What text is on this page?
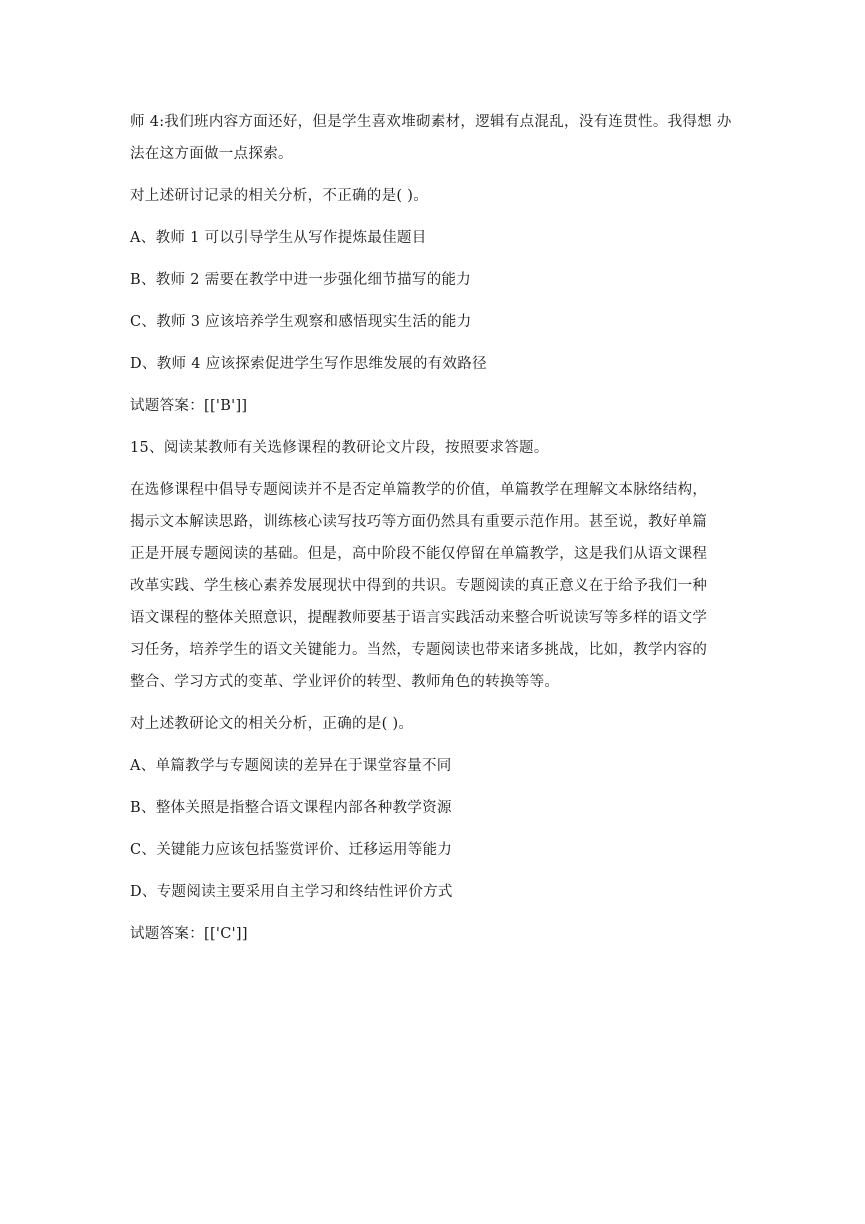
师 4:我们班内容方面还好，但是学生喜欢堆砌素材，逻辑有点混乱，没有连贯性。我得想 办
法在这方面做一点探索。

对上述研讨记录的相关分析，不正确的是( )。

A、教师 1 可以引导学生从写作提炼最佳题目

B、教师 2 需要在教学中进一步强化细节描写的能力

C、教师 3 应该培养学生观察和感悟现实生活的能力

D、教师 4 应该探索促进学生写作思维发展的有效路径

试题答案：[['B']]

15、阅读某教师有关选修课程的教研论文片段，按照要求答题。

在选修课程中倡导专题阅读并不是否定单篇教学的价值，单篇教学在理解文本脉络结构，
揭示文本解读思路，训练核心读写技巧等方面仍然具有重要示范作用。甚至说，教好单篇
正是开展专题阅读的基础。但是，高中阶段不能仅停留在单篇教学，这是我们从语文课程
改革实践、学生核心素养发展现状中得到的共识。专题阅读的真正意义在于给予我们一种
语文课程的整体关照意识，提醒教师要基于语言实践活动来整合听说读写等多样的语文学
习任务，培养学生的语文关键能力。当然，专题阅读也带来诸多挑战，比如，教学内容的
整合、学习方式的变革、学业评价的转型、教师角色的转换等等。

对上述教研论文的相关分析，正确的是( )。

A、单篇教学与专题阅读的差异在于课堂容量不同

B、整体关照是指整合语文课程内部各种教学资源

C、关键能力应该包括鉴赏评价、迁移运用等能力

D、专题阅读主要采用自主学习和终结性评价方式

试题答案：[['C']]
